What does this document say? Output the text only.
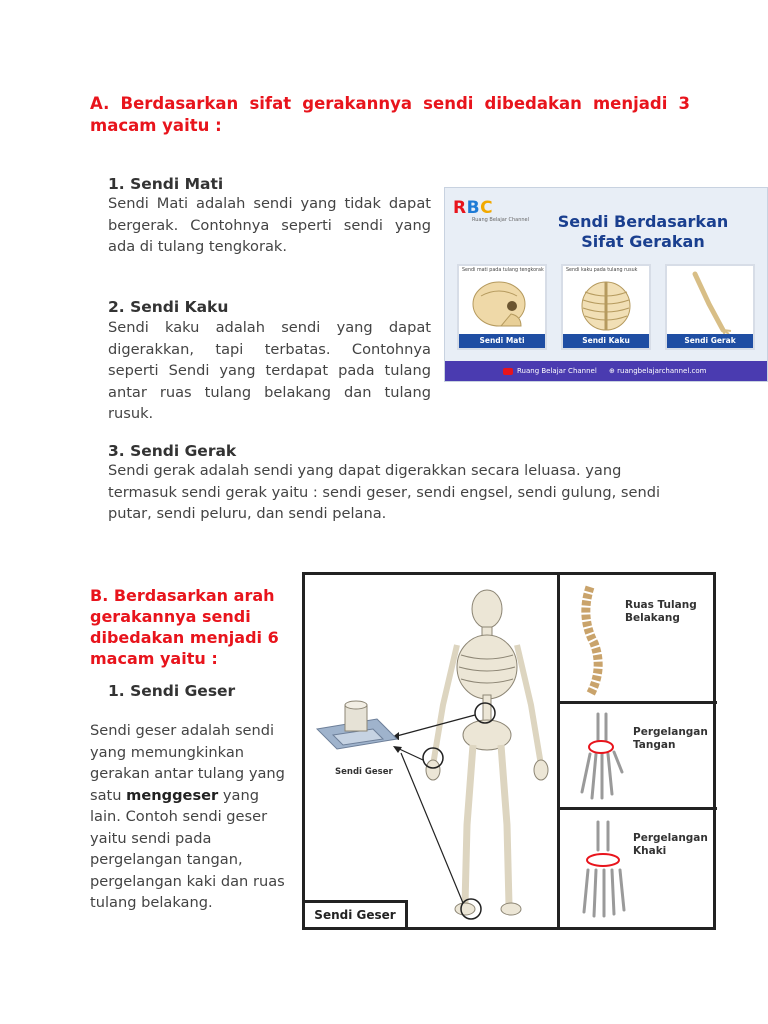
A. Berdasarkan sifat gerakannya sendi dibedakan menjadi 3 macam yaitu :
1. Sendi Mati
Sendi Mati adalah sendi yang tidak dapat bergerak. Contohnya seperti sendi yang ada di tulang tengkorak.
2. Sendi Kaku
Sendi kaku adalah sendi yang dapat digerakkan, tapi terbatas. Contohnya seperti Sendi yang terdapat pada tulang antar ruas tulang belakang dan tulang rusuk.
3. Sendi Gerak
Sendi gerak adalah sendi yang dapat digerakkan secara leluasa. yang termasuk sendi gerak yaitu : sendi geser, sendi engsel, sendi gulung, sendi putar, sendi peluru, dan sendi pelana.
RBC
Ruang Belajar Channel	Sendi Berdasarkan
Sifat Gerakan
Sendi mati pada tulang tengkorak
Sendi Mati
Sendi kaku pada tulang rusuk
Sendi Kaku	Sendi Gerak
Ruang Belajar Channel ⊕ ruangbelajarchannel.com
B. Berdasarkan arah gerakannya sendi dibedakan menjadi 6 macam yaitu :
1. Sendi Geser
Sendi geser adalah sendi yang memungkinkan gerakan antar tulang yang satu menggeser yang lain. Contoh sendi geser yaitu sendi pada pergelangan tangan, pergelangan kaki dan ruas tulang belakang.
Sendi Geser
Ruas Tulang
Belakang
Pergelangan
Tangan
Pergelangan
Khaki
Sendi Geser
